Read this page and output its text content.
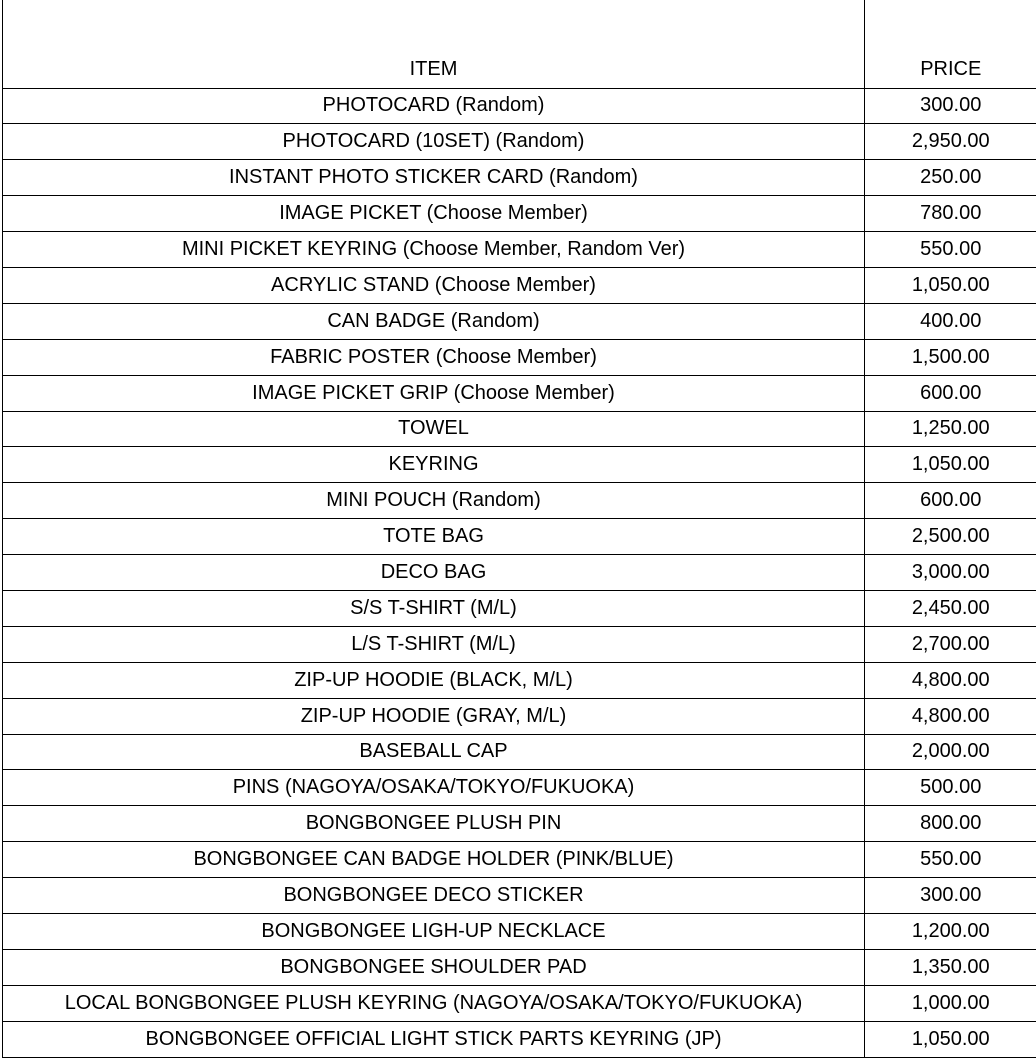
ITEM	PRICE
PHOTOCARD (Random)	300.00
PHOTOCARD (10SET) (Random)	2,950.00
INSTANT PHOTO STICKER CARD (Random)	250.00
IMAGE PICKET (Choose Member)	780.00
MINI PICKET KEYRING (Choose Member, Random Ver)	550.00
ACRYLIC STAND (Choose Member)	1,050.00
CAN BADGE (Random)	400.00
FABRIC POSTER (Choose Member)	1,500.00
IMAGE PICKET GRIP (Choose Member)	600.00
TOWEL	1,250.00
KEYRING	1,050.00
MINI POUCH (Random)	600.00
TOTE BAG	2,500.00
DECO BAG	3,000.00
S/S T-SHIRT (M/L)	2,450.00
L/S T-SHIRT (M/L)	2,700.00
ZIP-UP HOODIE (BLACK, M/L)	4,800.00
ZIP-UP HOODIE (GRAY, M/L)	4,800.00
BASEBALL CAP	2,000.00
PINS (NAGOYA/OSAKA/TOKYO/FUKUOKA)	500.00
BONGBONGEE PLUSH PIN	800.00
BONGBONGEE CAN BADGE HOLDER (PINK/BLUE)	550.00
BONGBONGEE DECO STICKER	300.00
BONGBONGEE LIGH-UP NECKLACE	1,200.00
BONGBONGEE SHOULDER PAD	1,350.00
LOCAL BONGBONGEE PLUSH KEYRING (NAGOYA/OSAKA/TOKYO/FUKUOKA)	1,000.00
BONGBONGEE OFFICIAL LIGHT STICK PARTS KEYRING (JP)	1,050.00
